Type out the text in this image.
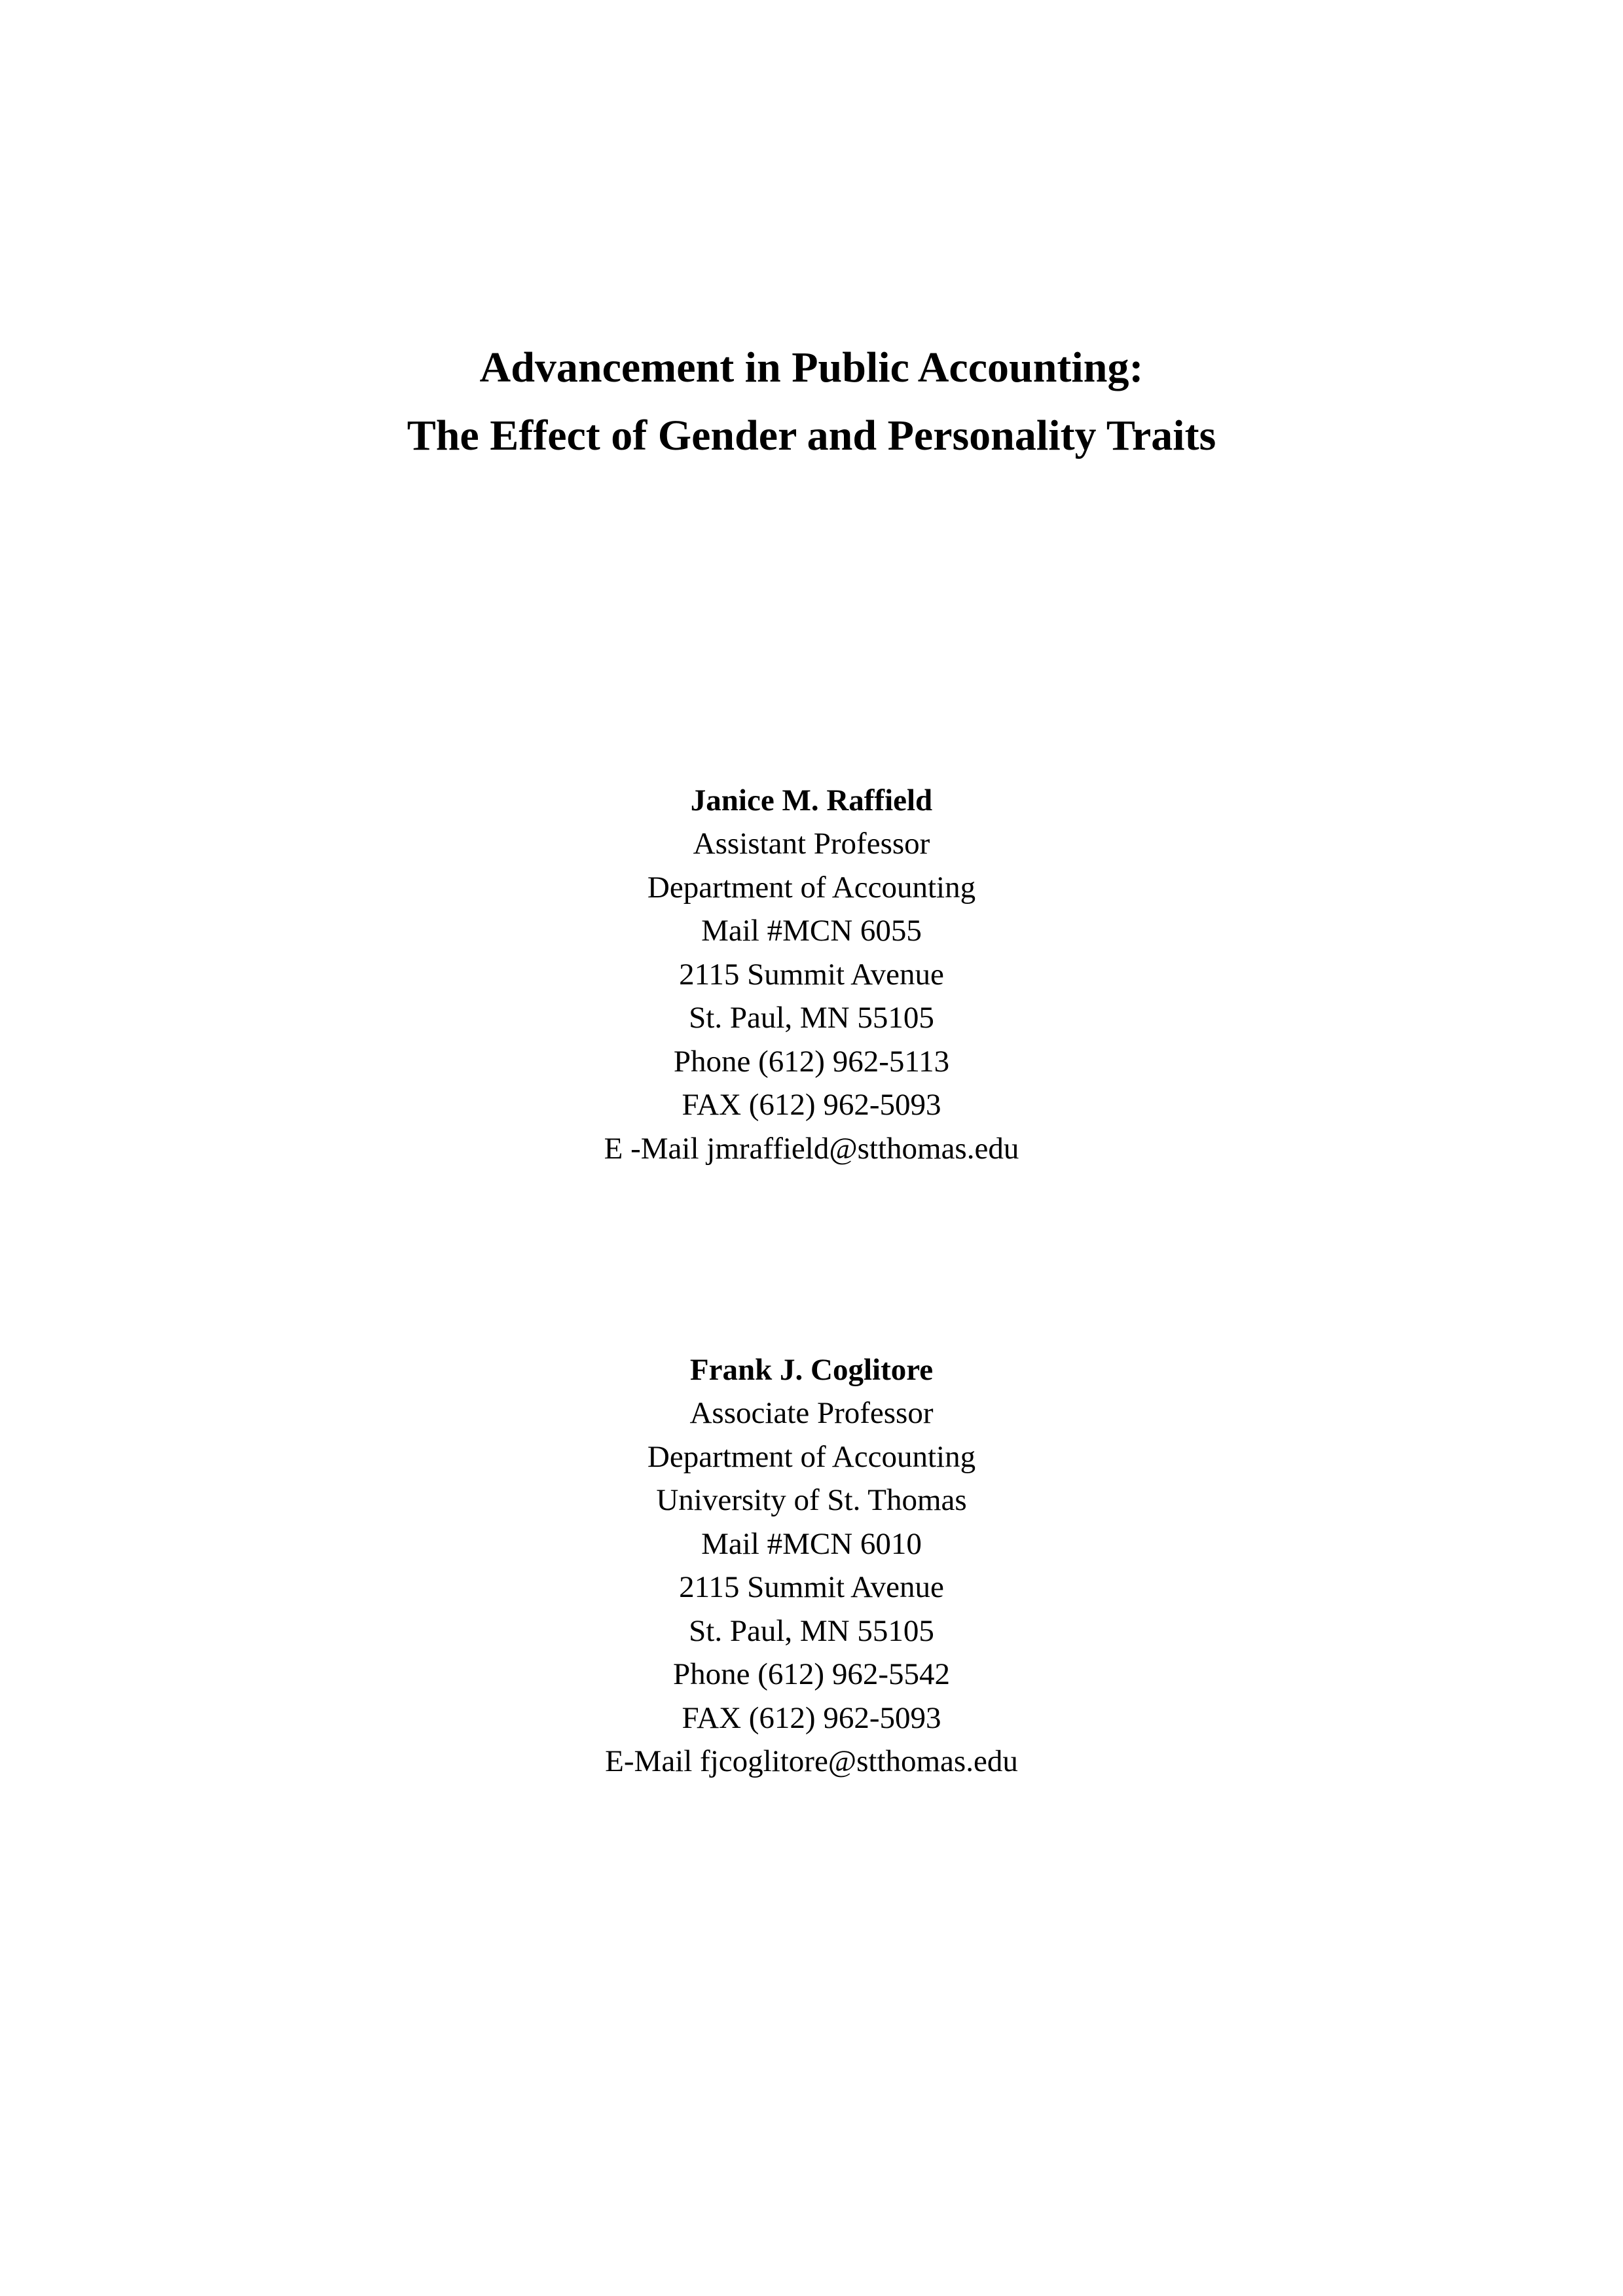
Advancement in Public Accounting:
The Effect of Gender and Personality Traits
Janice M. Raffield
Assistant Professor
Department of Accounting
Mail #MCN 6055
2115 Summit Avenue
St. Paul, MN 55105
Phone (612) 962-5113
FAX (612) 962-5093
E -Mail jmraffield@stthomas.edu
Frank J. Coglitore
Associate Professor
Department of Accounting
University of St. Thomas
Mail #MCN 6010
2115 Summit Avenue
St. Paul, MN 55105
Phone (612) 962-5542
FAX (612) 962-5093
E-Mail fjcoglitore@stthomas.edu
